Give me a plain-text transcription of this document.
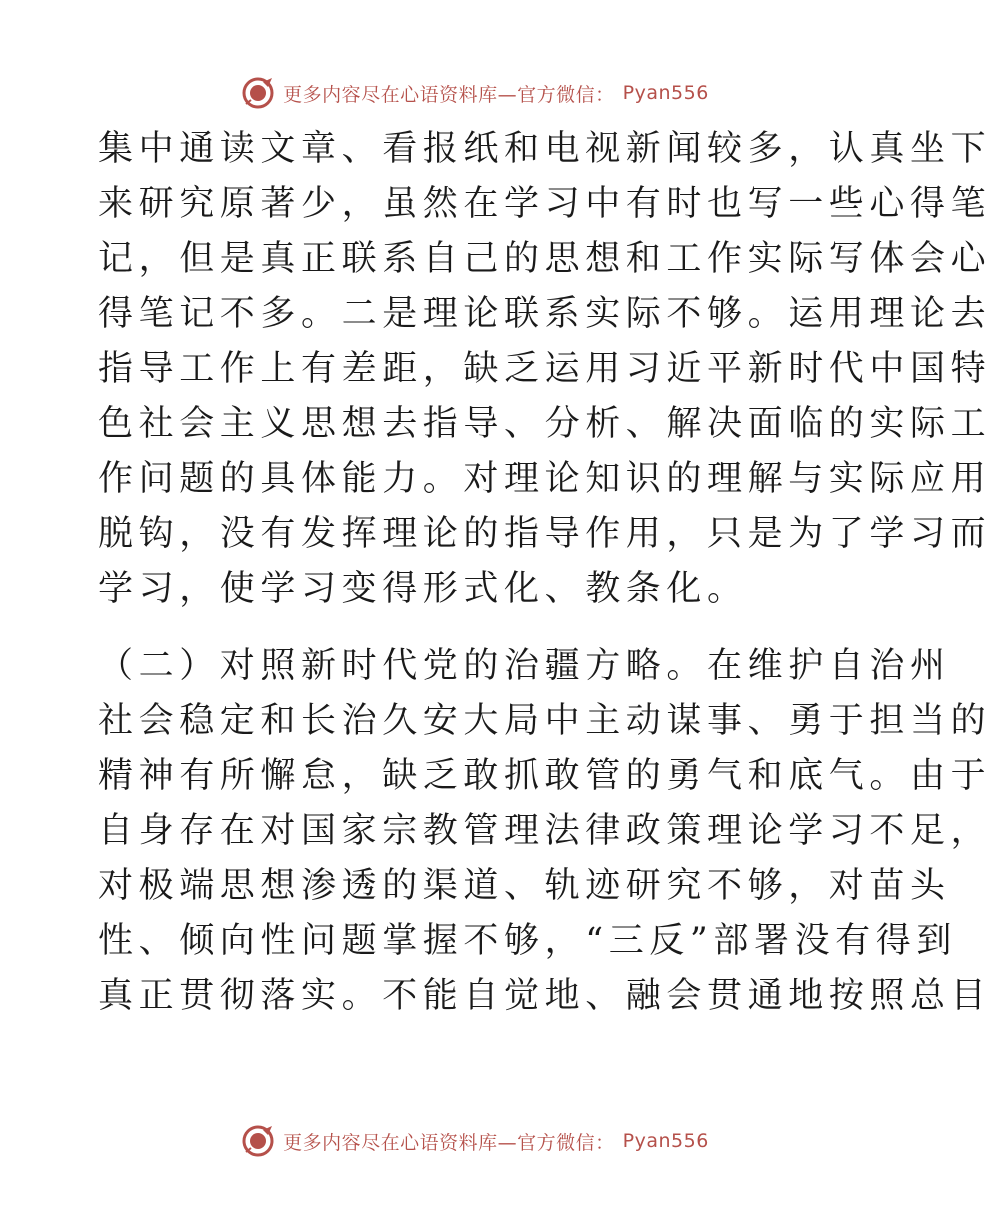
更多内容尽在心语资料库—官方微信： Pyan556
集中通读文章、看报纸和电视新闻较多，认真坐下
来研究原著少，虽然在学习中有时也写一些心得笔
记，但是真正联系自己的思想和工作实际写体会心
得笔记不多。二是理论联系实际不够。运用理论去
指导工作上有差距，缺乏运用习近平新时代中国特
色社会主义思想去指导、分析、解决面临的实际工
作问题的具体能力。对理论知识的理解与实际应用
脱钩，没有发挥理论的指导作用，只是为了学习而
学习，使学习变得形式化、教条化。
（二）对照新时代党的治疆方略。在维护自治州
社会稳定和长治久安大局中主动谋事、勇于担当的
精神有所懈怠，缺乏敢抓敢管的勇气和底气。由于
自身存在对国家宗教管理法律政策理论学习不足，
对极端思想渗透的渠道、轨迹研究不够，对苗头
性、倾向性问题掌握不够，“三反”部署没有得到
真正贯彻落实。不能自觉地、融会贯通地按照总目
更多内容尽在心语资料库—官方微信： Pyan556
